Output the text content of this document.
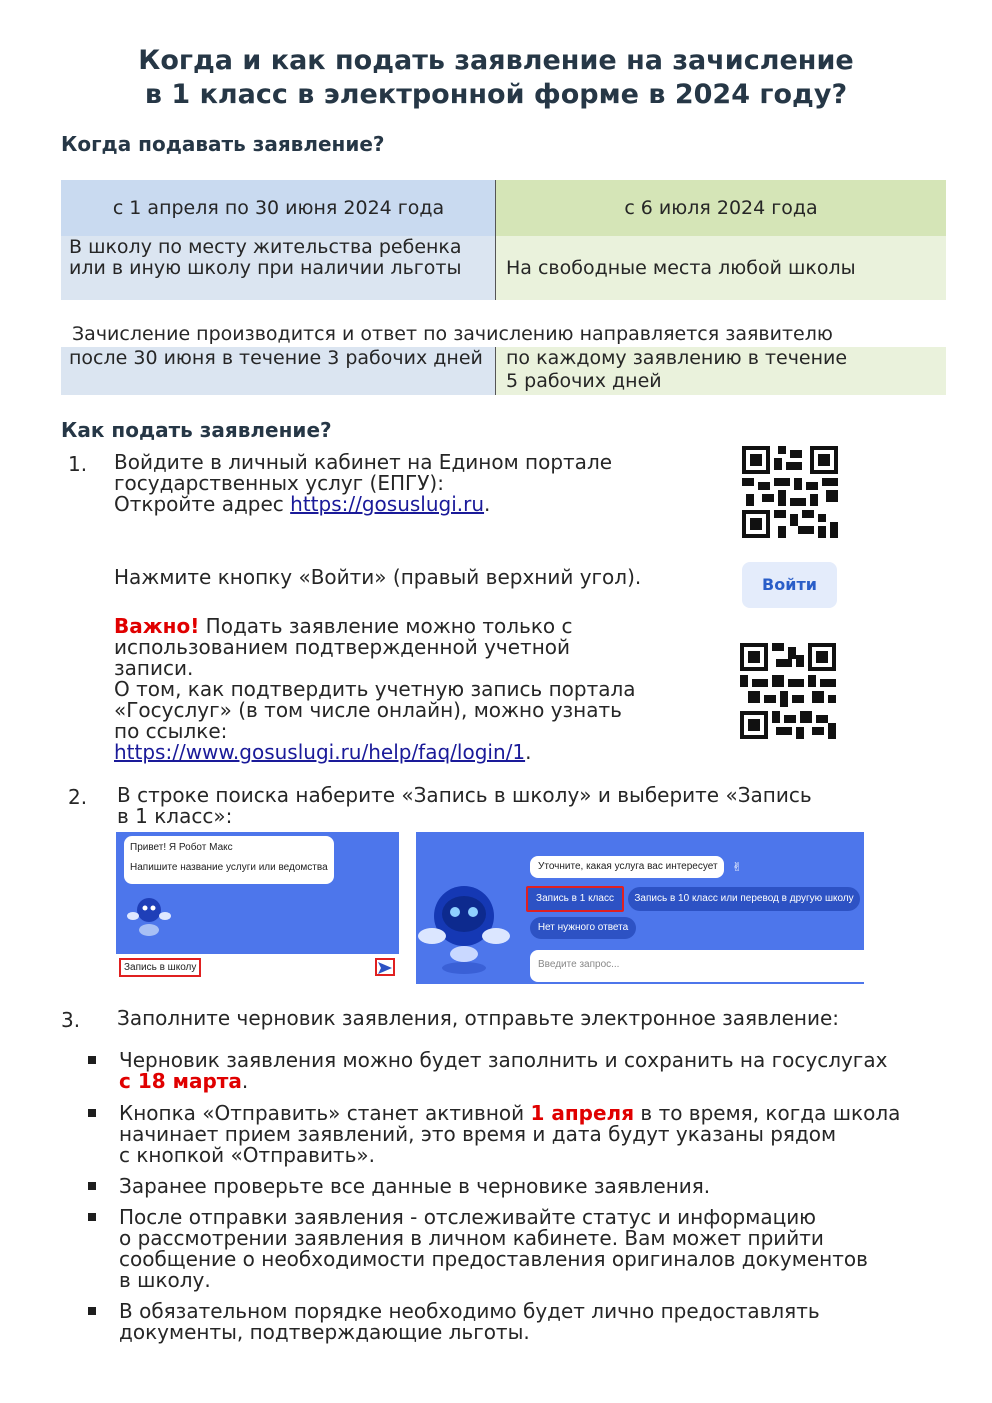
Когда и как подать заявление на зачисление
в 1 класс в электронной форме в 2024 году?
Когда подавать заявление?
с 1 апреля по 30 июня 2024 года	с 6 июля 2024 года
В школу по месту жительства ребенка или в иную школу при наличии льготы	На свободные места любой школы
Зачисление производится и ответ по зачислению направляется заявителю
после 30 июня в течение 3 рабочих дней	по каждому заявлению в течение
5 рабочих дней
Как подать заявление?
1. Войдите в личный кабинет на Едином портале
государственных услуг (ЕПГУ):
Откройте адрес https://gosuslugi.ru.
Нажмите кнопку «Войти» (правый верхний угол).	Войти
Важно! Подать заявление можно только с
использованием подтвержденной учетной
записи.
О том, как подтвердить учетную запись портала
«Госуслуг» (в том числе онлайн), можно узнать
по ссылке:
https://www.gosuslugi.ru/help/faq/login/1.
2. В строке поиска наберите «Запись в школу» и выберите «Запись
в 1 класс»:
Привет! Я Робот Макс
Напишите название услуги или ведомства
Запись в школу
Уточните, какая услуга вас интересует	✌
Запись в 1 класс	Запись в 10 класс или перевод в другую школу
Нет нужного ответа
Введите запрос...
3. Заполните черновик заявления, отправьте электронное заявление:
Черновик заявления можно будет заполнить и сохранить на госуслугах
с 18 марта.
Кнопка «Отправить» станет активной 1 апреля в то время, когда школа
начинает прием заявлений, это время и дата будут указаны рядом
с кнопкой «Отправить».
Заранее проверьте все данные в черновике заявления.
После отправки заявления - отслеживайте статус и информацию
о рассмотрении заявления в личном кабинете. Вам может прийти
сообщение о необходимости предоставления оригиналов документов
в школу.
В обязательном порядке необходимо будет лично предоставлять
документы, подтверждающие льготы.
